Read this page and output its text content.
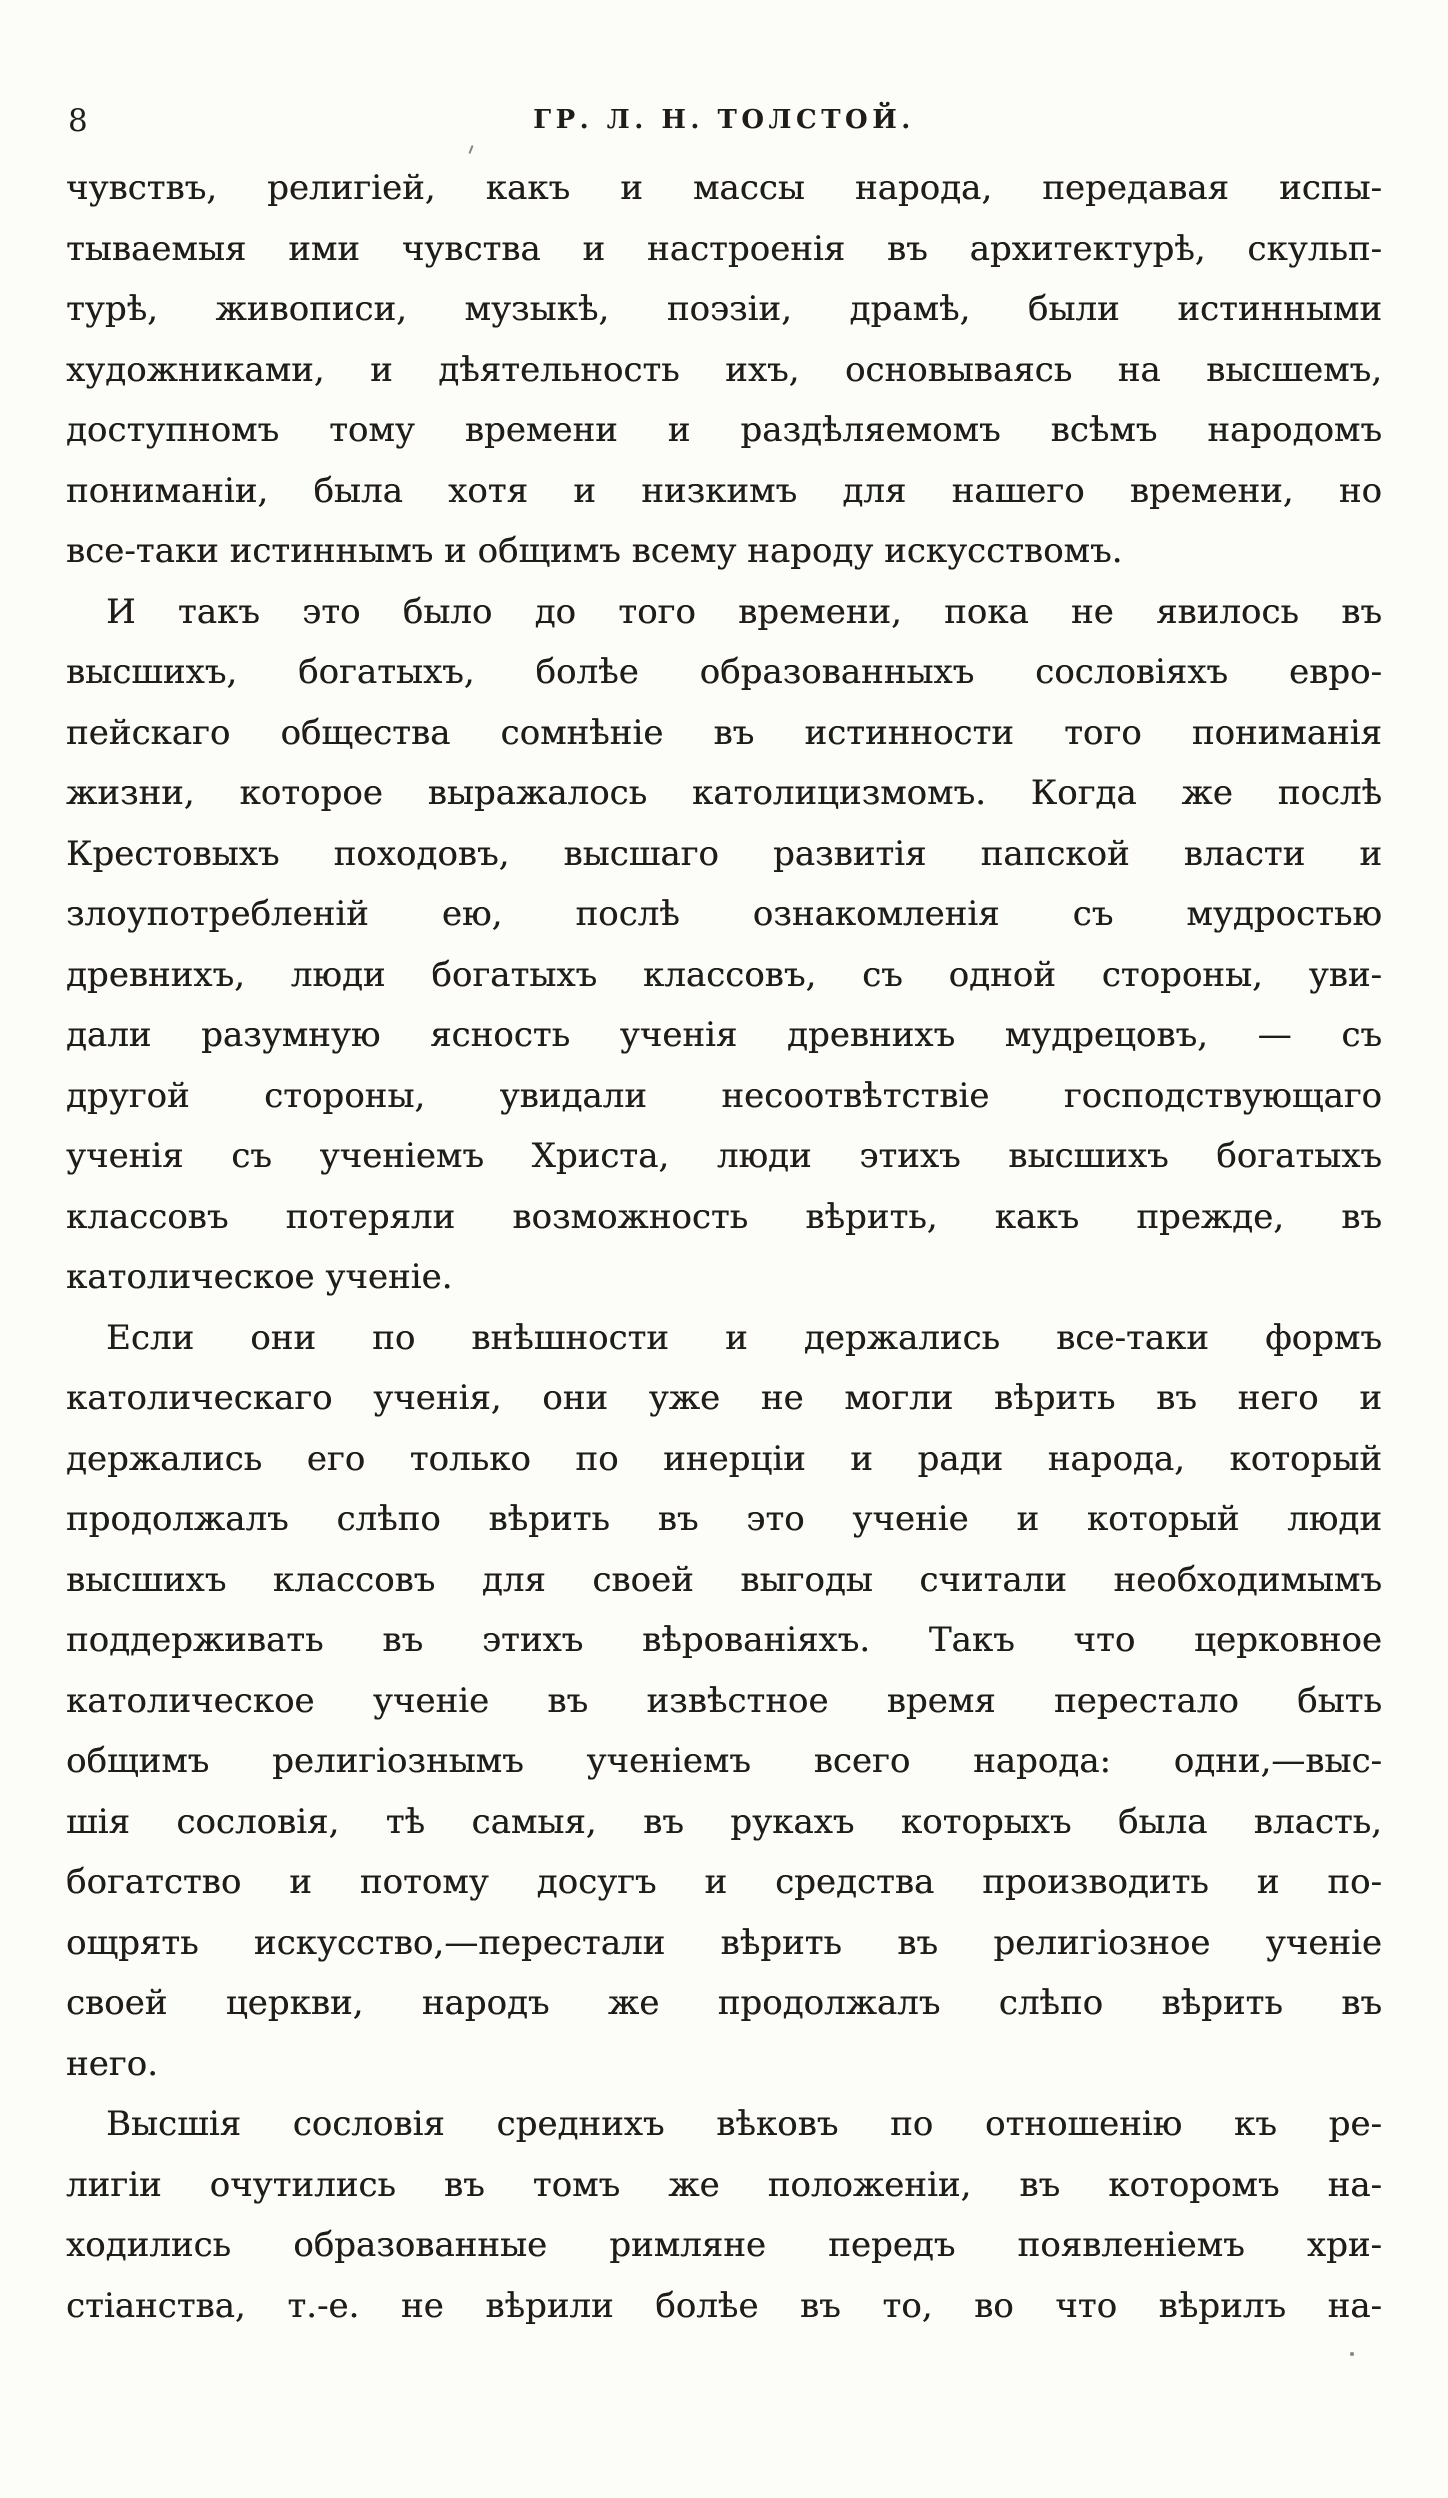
8	ГР. Л. Н. ТОЛСТОЙ.
чувствъ, религіей, какъ и массы народа, передавая испы-
тываемыя ими чувства и настроенія въ архитектурѣ, скульп-
турѣ, живописи, музыкѣ, поэзіи, драмѣ, были истинными
художниками, и дѣятельность ихъ, основываясь на высшемъ,
доступномъ тому времени и раздѣляемомъ всѣмъ народомъ
пониманіи, была хотя и низкимъ для нашего времени, но
все-таки истиннымъ и общимъ всему народу искусствомъ.
И такъ это было до того времени, пока не явилось въ
высшихъ, богатыхъ, болѣе образованныхъ сословіяхъ евро-
пейскаго общества сомнѣніе въ истинности того пониманія
жизни, которое выражалось католицизмомъ. Когда же послѣ
Крестовыхъ походовъ, высшаго развитія папской власти и
злоупотребленій ею, послѣ ознакомленія съ мудростью
древнихъ, люди богатыхъ классовъ, съ одной стороны, уви-
дали разумную ясность ученія древнихъ мудрецовъ, — съ
другой стороны, увидали несоотвѣтствіе господствующаго
ученія съ ученіемъ Христа, люди этихъ высшихъ богатыхъ
классовъ потеряли возможность вѣрить, какъ прежде, въ
католическое ученіе.
Если они по внѣшности и держались все-таки формъ
католическаго ученія, они уже не могли вѣрить въ него и
держались его только по инерціи и ради народа, который
продолжалъ слѣпо вѣрить въ это ученіе и который люди
высшихъ классовъ для своей выгоды считали необходимымъ
поддерживать въ этихъ вѣрованіяхъ. Такъ что церковное
католическое ученіе въ извѣстное время перестало быть
общимъ религіознымъ ученіемъ всего народа: одни,—выс-
шія сословія, тѣ самыя, въ рукахъ которыхъ была власть,
богатство и потому досугъ и средства производить и по-
ощрять искусство,—перестали вѣрить въ религіозное ученіе
своей церкви, народъ же продолжалъ слѣпо вѣрить въ
него.
Высшія сословія среднихъ вѣковъ по отношенію къ ре-
лигіи очутились въ томъ же положеніи, въ которомъ на-
ходились образованные римляне передъ появленіемъ хри-
стіанства, т.-е. не вѣрили болѣе въ то, во что вѣрилъ на-
